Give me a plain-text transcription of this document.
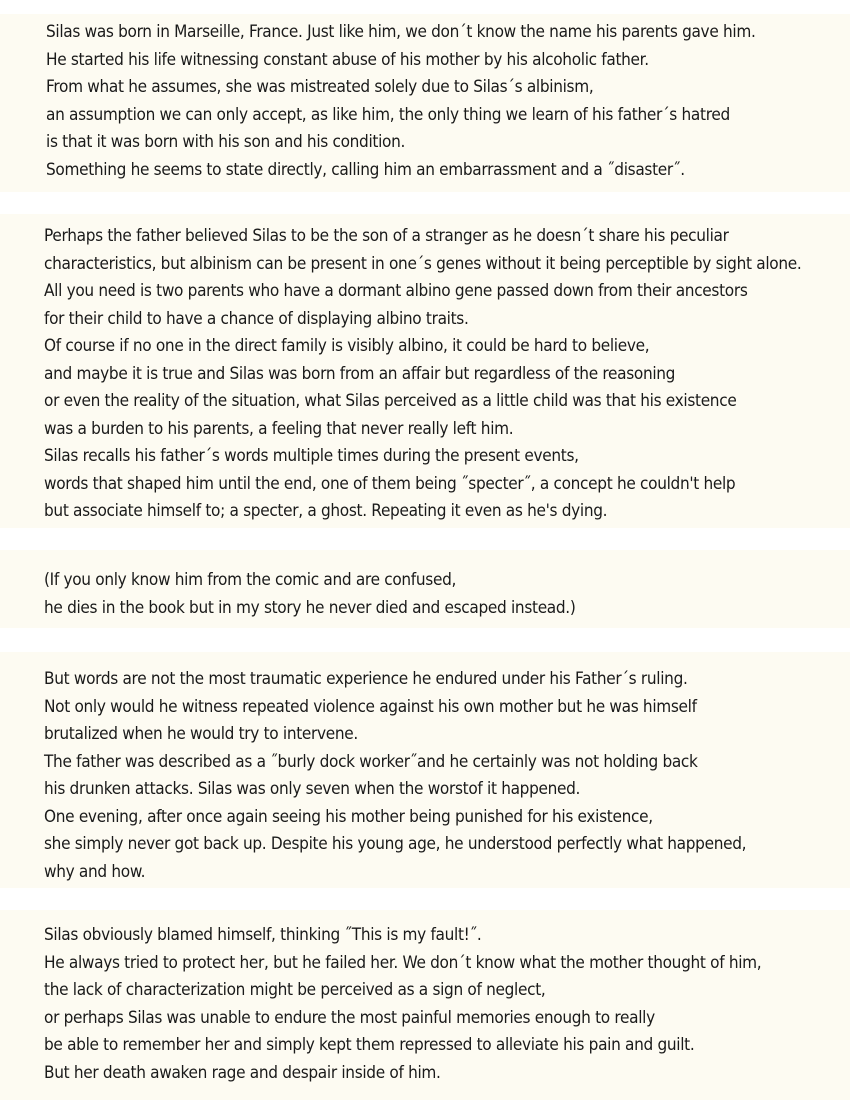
Silas was born in Marseille, France. Just like him, we don´t know the name his parents gave him.
He started his life witnessing constant abuse of his mother by his alcoholic father.
From what he assumes, she was mistreated solely due to Silas´s albinism,
an assumption we can only accept, as like him, the only thing we learn of his father´s hatred
is that it was born with his son and his condition.
Something he seems to state directly, calling him an embarrassment and a ˝disaster˝.
Perhaps the father believed Silas to be the son of a stranger as he doesn´t share his peculiar
characteristics, but albinism can be present in one´s genes without it being perceptible by sight alone.
All you need is two parents who have a dormant albino gene passed down from their ancestors
for their child to have a chance of displaying albino traits.
Of course if no one in the direct family is visibly albino, it could be hard to believe,
and maybe it is true and Silas was born from an affair but regardless of the reasoning
or even the reality of the situation, what Silas perceived as a little child was that his existence
was a burden to his parents, a feeling that never really left him.
Silas recalls his father´s words multiple times during the present events,
words that shaped him until the end, one of them being ˝specter˝, a concept he couldn't help
but associate himself to; a specter, a ghost. Repeating it even as he's dying.
(If you only know him from the comic and are confused,
he dies in the book but in my story he never died and escaped instead.)
But words are not the most traumatic experience he endured under his Father´s ruling.
Not only would he witness repeated violence against his own mother but he was himself
brutalized when he would try to intervene.
The father was described as a ˝burly dock worker˝and he certainly was not holding back
his drunken attacks. Silas was only seven when the worstof it happened.
One evening, after once again seeing his mother being punished for his existence,
she simply never got back up. Despite his young age, he understood perfectly what happened,
why and how.
Silas obviously blamed himself, thinking ˝This is my fault!˝.
He always tried to protect her, but he failed her. We don´t know what the mother thought of him,
the lack of characterization might be perceived as a sign of neglect,
or perhaps Silas was unable to endure the most painful memories enough to really
be able to remember her and simply kept them repressed to alleviate his pain and guilt.
But her death awaken rage and despair inside of him.
